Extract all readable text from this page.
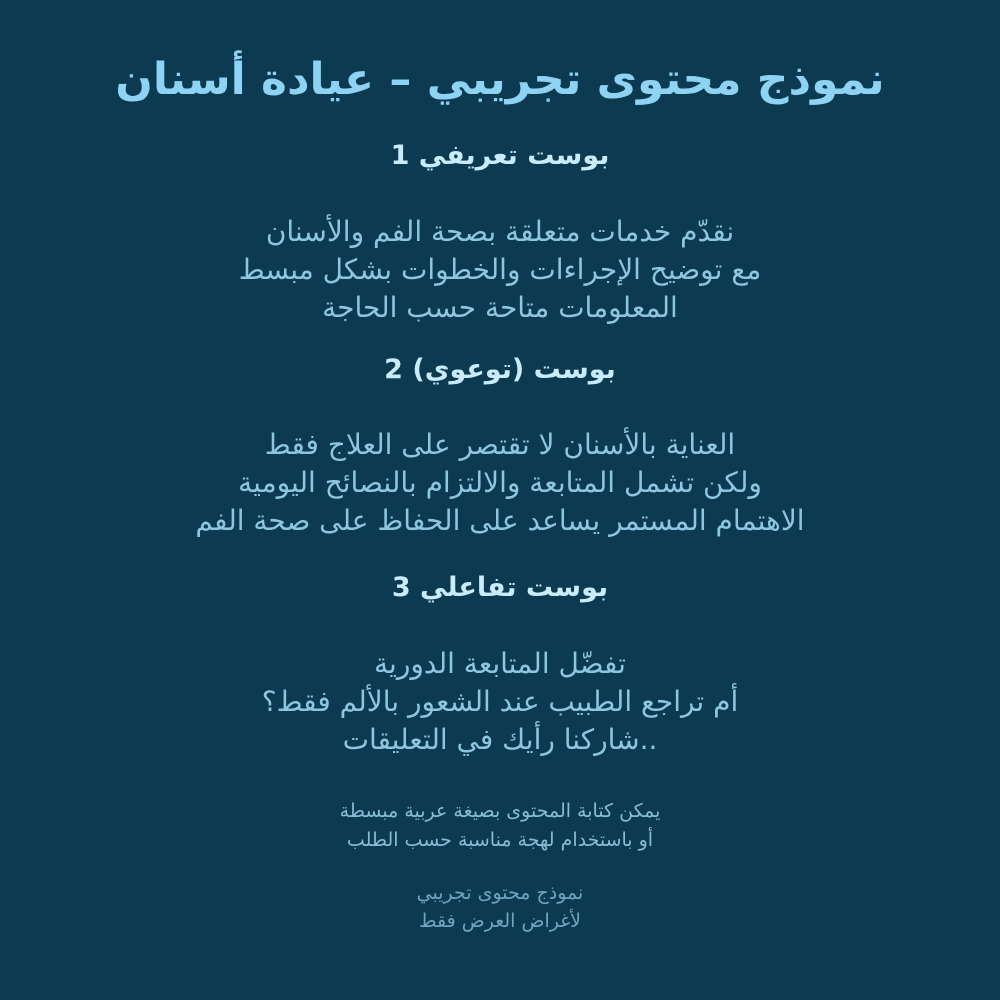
نموذج محتوى تجريبي – عيادة أسنان
بوست تعريفي 1
نقدّم خدمات متعلقة بصحة الفم والأسنان
مع توضيح الإجراءات والخطوات بشكل مبسط
المعلومات متاحة حسب الحاجة
بوست (توعوي) 2
العناية بالأسنان لا تقتصر على العلاج فقط
ولكن تشمل المتابعة والالتزام بالنصائح اليومية
الاهتمام المستمر يساعد على الحفاظ على صحة الفم
بوست تفاعلي 3
تفضّل المتابعة الدورية
أم تراجع الطبيب عند الشعور بالألم فقط؟
..شاركنا رأيك في التعليقات
يمكن كتابة المحتوى بصيغة عربية مبسطة
أو باستخدام لهجة مناسبة حسب الطلب
نموذج محتوى تجريبي
لأغراض العرض فقط
